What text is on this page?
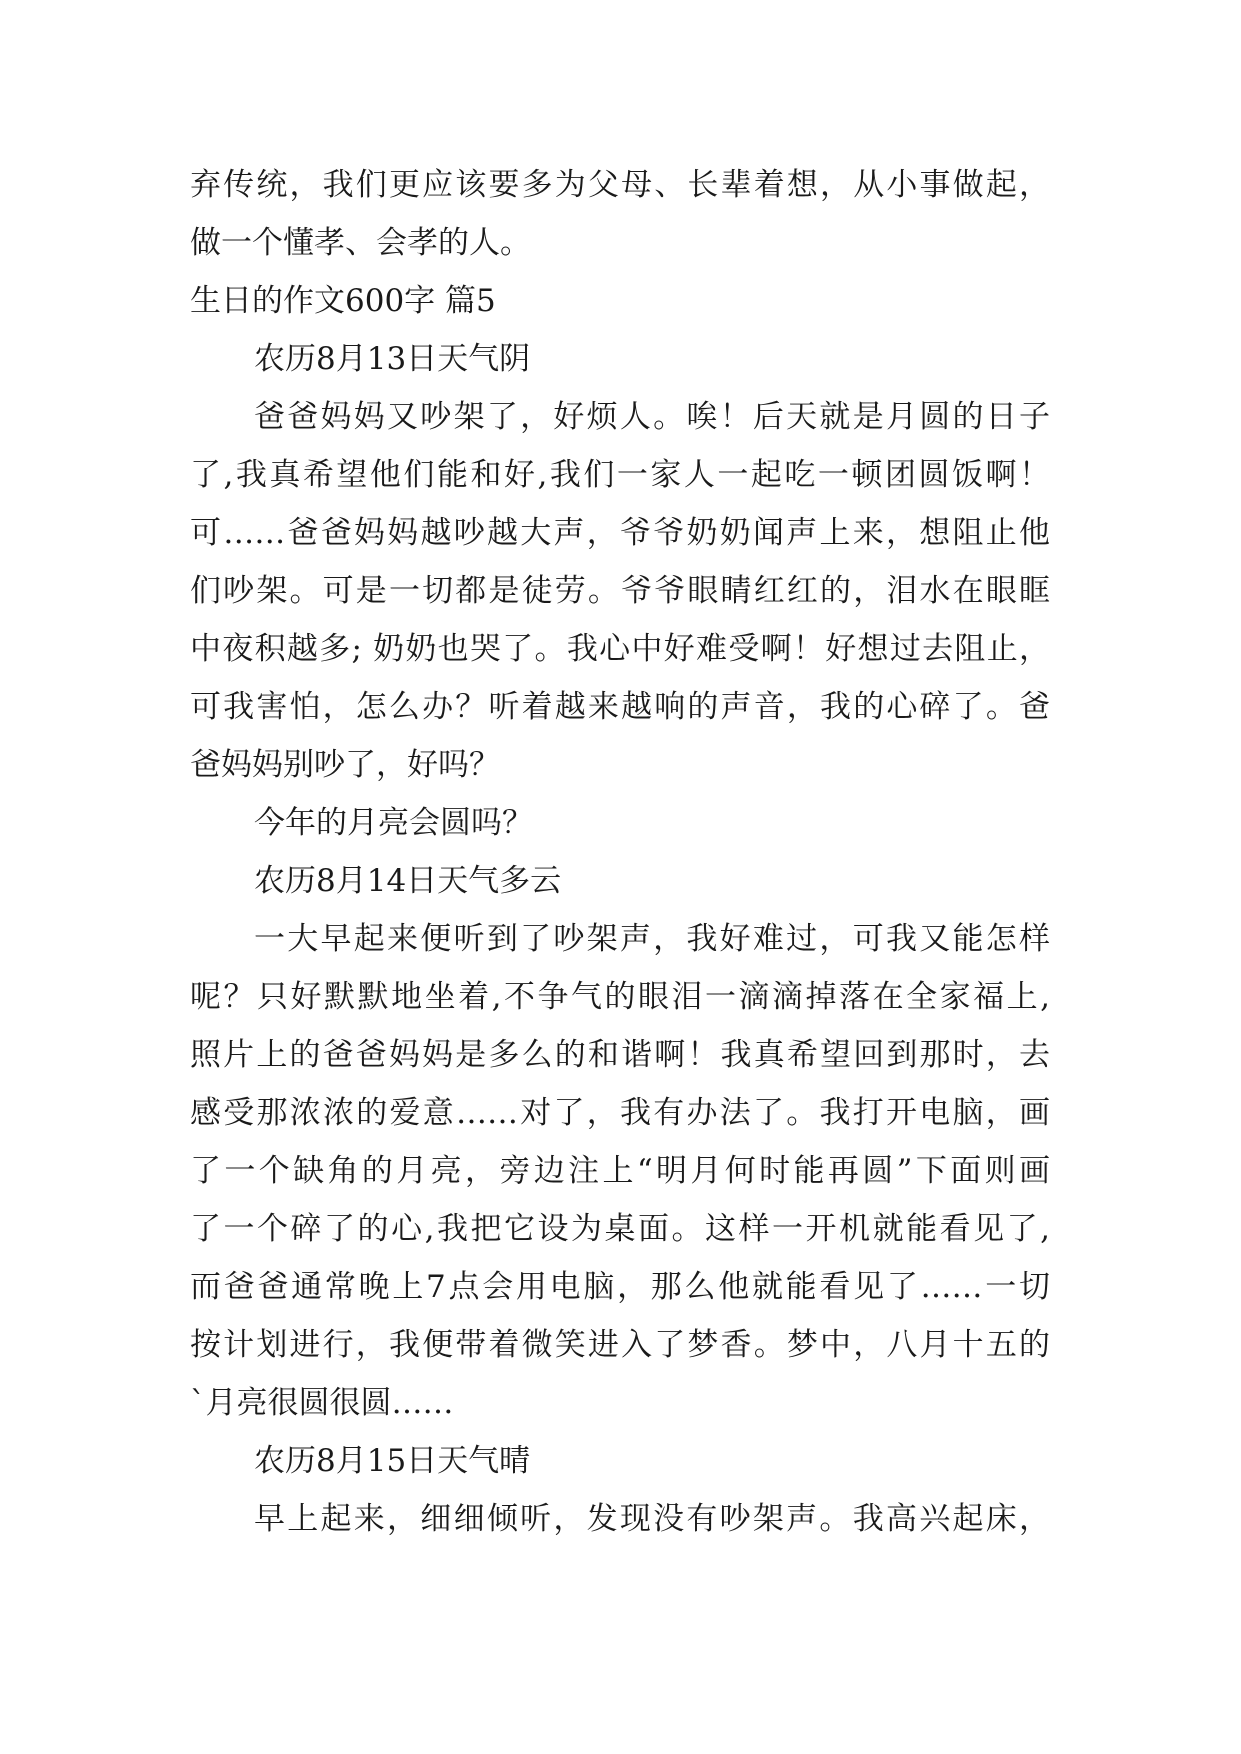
弃传统，我们更应该要多为父母、长辈着想，从小事做起，
做一个懂孝、会孝的人。
生日的作文600字 篇5
农历8月13日天气阴
爸爸妈妈又吵架了，好烦人。唉！后天就是月圆的日子
了,我真希望他们能和好,我们一家人一起吃一顿团圆饭啊！
可……爸爸妈妈越吵越大声，爷爷奶奶闻声上来，想阻止他
们吵架。可是一切都是徒劳。爷爷眼睛红红的，泪水在眼眶
中夜积越多; 奶奶也哭了。我心中好难受啊！好想过去阻止，
可我害怕，怎么办？听着越来越响的声音，我的心碎了。爸
爸妈妈别吵了，好吗？
今年的月亮会圆吗？
农历8月14日天气多云
一大早起来便听到了吵架声，我好难过，可我又能怎样
呢？只好默默地坐着,不争气的眼泪一滴滴掉落在全家福上,
照片上的爸爸妈妈是多么的和谐啊！我真希望回到那时，去
感受那浓浓的爱意……对了，我有办法了。我打开电脑，画
了一个缺角的月亮，旁边注上“明月何时能再圆”下面则画
了一个碎了的心,我把它设为桌面。这样一开机就能看见了,
而爸爸通常晚上7点会用电脑，那么他就能看见了……一切
按计划进行，我便带着微笑进入了梦香。梦中，八月十五的
`月亮很圆很圆……
农历8月15日天气晴
早上起来，细细倾听，发现没有吵架声。我高兴起床，
